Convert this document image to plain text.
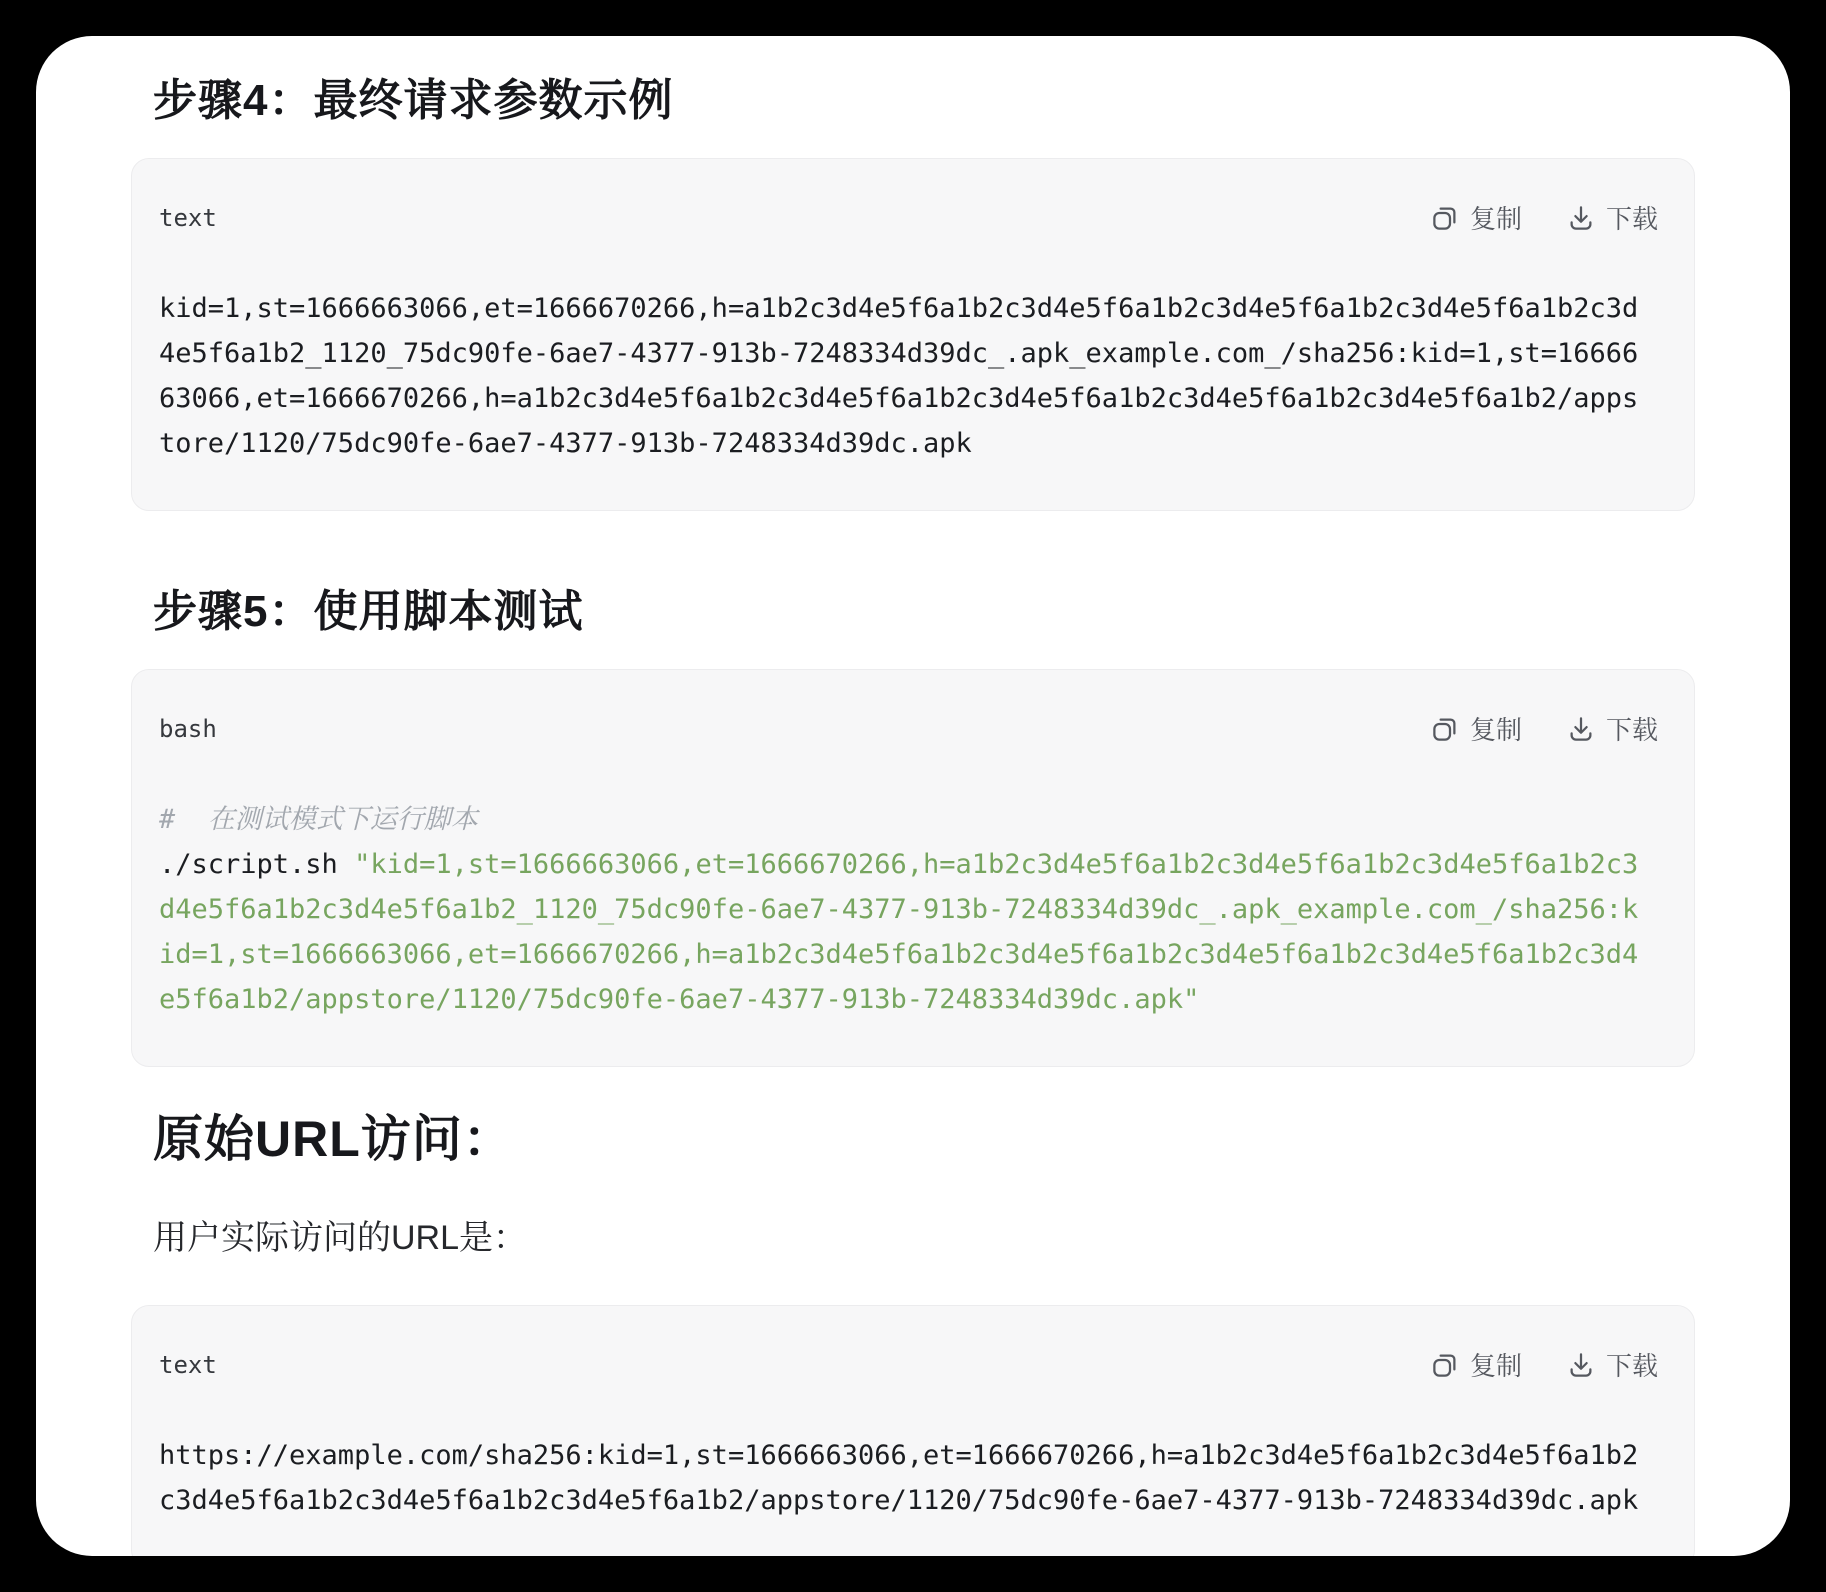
步骤4：最终请求参数示例
text	复制	下载
kid=1,st=1666663066,et=1666670266,h=a1b2c3d4e5f6a1b2c3d4e5f6a1b2c3d4e5f6a1b2c3d4e5f6a1b2c3d
4e5f6a1b2_1120_75dc90fe-6ae7-4377-913b-7248334d39dc_.apk_example.com_/sha256:kid=1,st=16666
63066,et=1666670266,h=a1b2c3d4e5f6a1b2c3d4e5f6a1b2c3d4e5f6a1b2c3d4e5f6a1b2c3d4e5f6a1b2/apps
tore/1120/75dc90fe-6ae7-4377-913b-7248334d39dc.apk
步骤5：使用脚本测试
bash	复制	下载
#  在测试模式下运行脚本
./script.sh "kid=1,st=1666663066,et=1666670266,h=a1b2c3d4e5f6a1b2c3d4e5f6a1b2c3d4e5f6a1b2c3
d4e5f6a1b2c3d4e5f6a1b2_1120_75dc90fe-6ae7-4377-913b-7248334d39dc_.apk_example.com_/sha256:k
id=1,st=1666663066,et=1666670266,h=a1b2c3d4e5f6a1b2c3d4e5f6a1b2c3d4e5f6a1b2c3d4e5f6a1b2c3d4
e5f6a1b2/appstore/1120/75dc90fe-6ae7-4377-913b-7248334d39dc.apk"
原始URL访问：

用户实际访问的URL是：

text	复制	下载
https://example.com/sha256:kid=1,st=1666663066,et=1666670266,h=a1b2c3d4e5f6a1b2c3d4e5f6a1b2
c3d4e5f6a1b2c3d4e5f6a1b2c3d4e5f6a1b2/appstore/1120/75dc90fe-6ae7-4377-913b-7248334d39dc.apk
